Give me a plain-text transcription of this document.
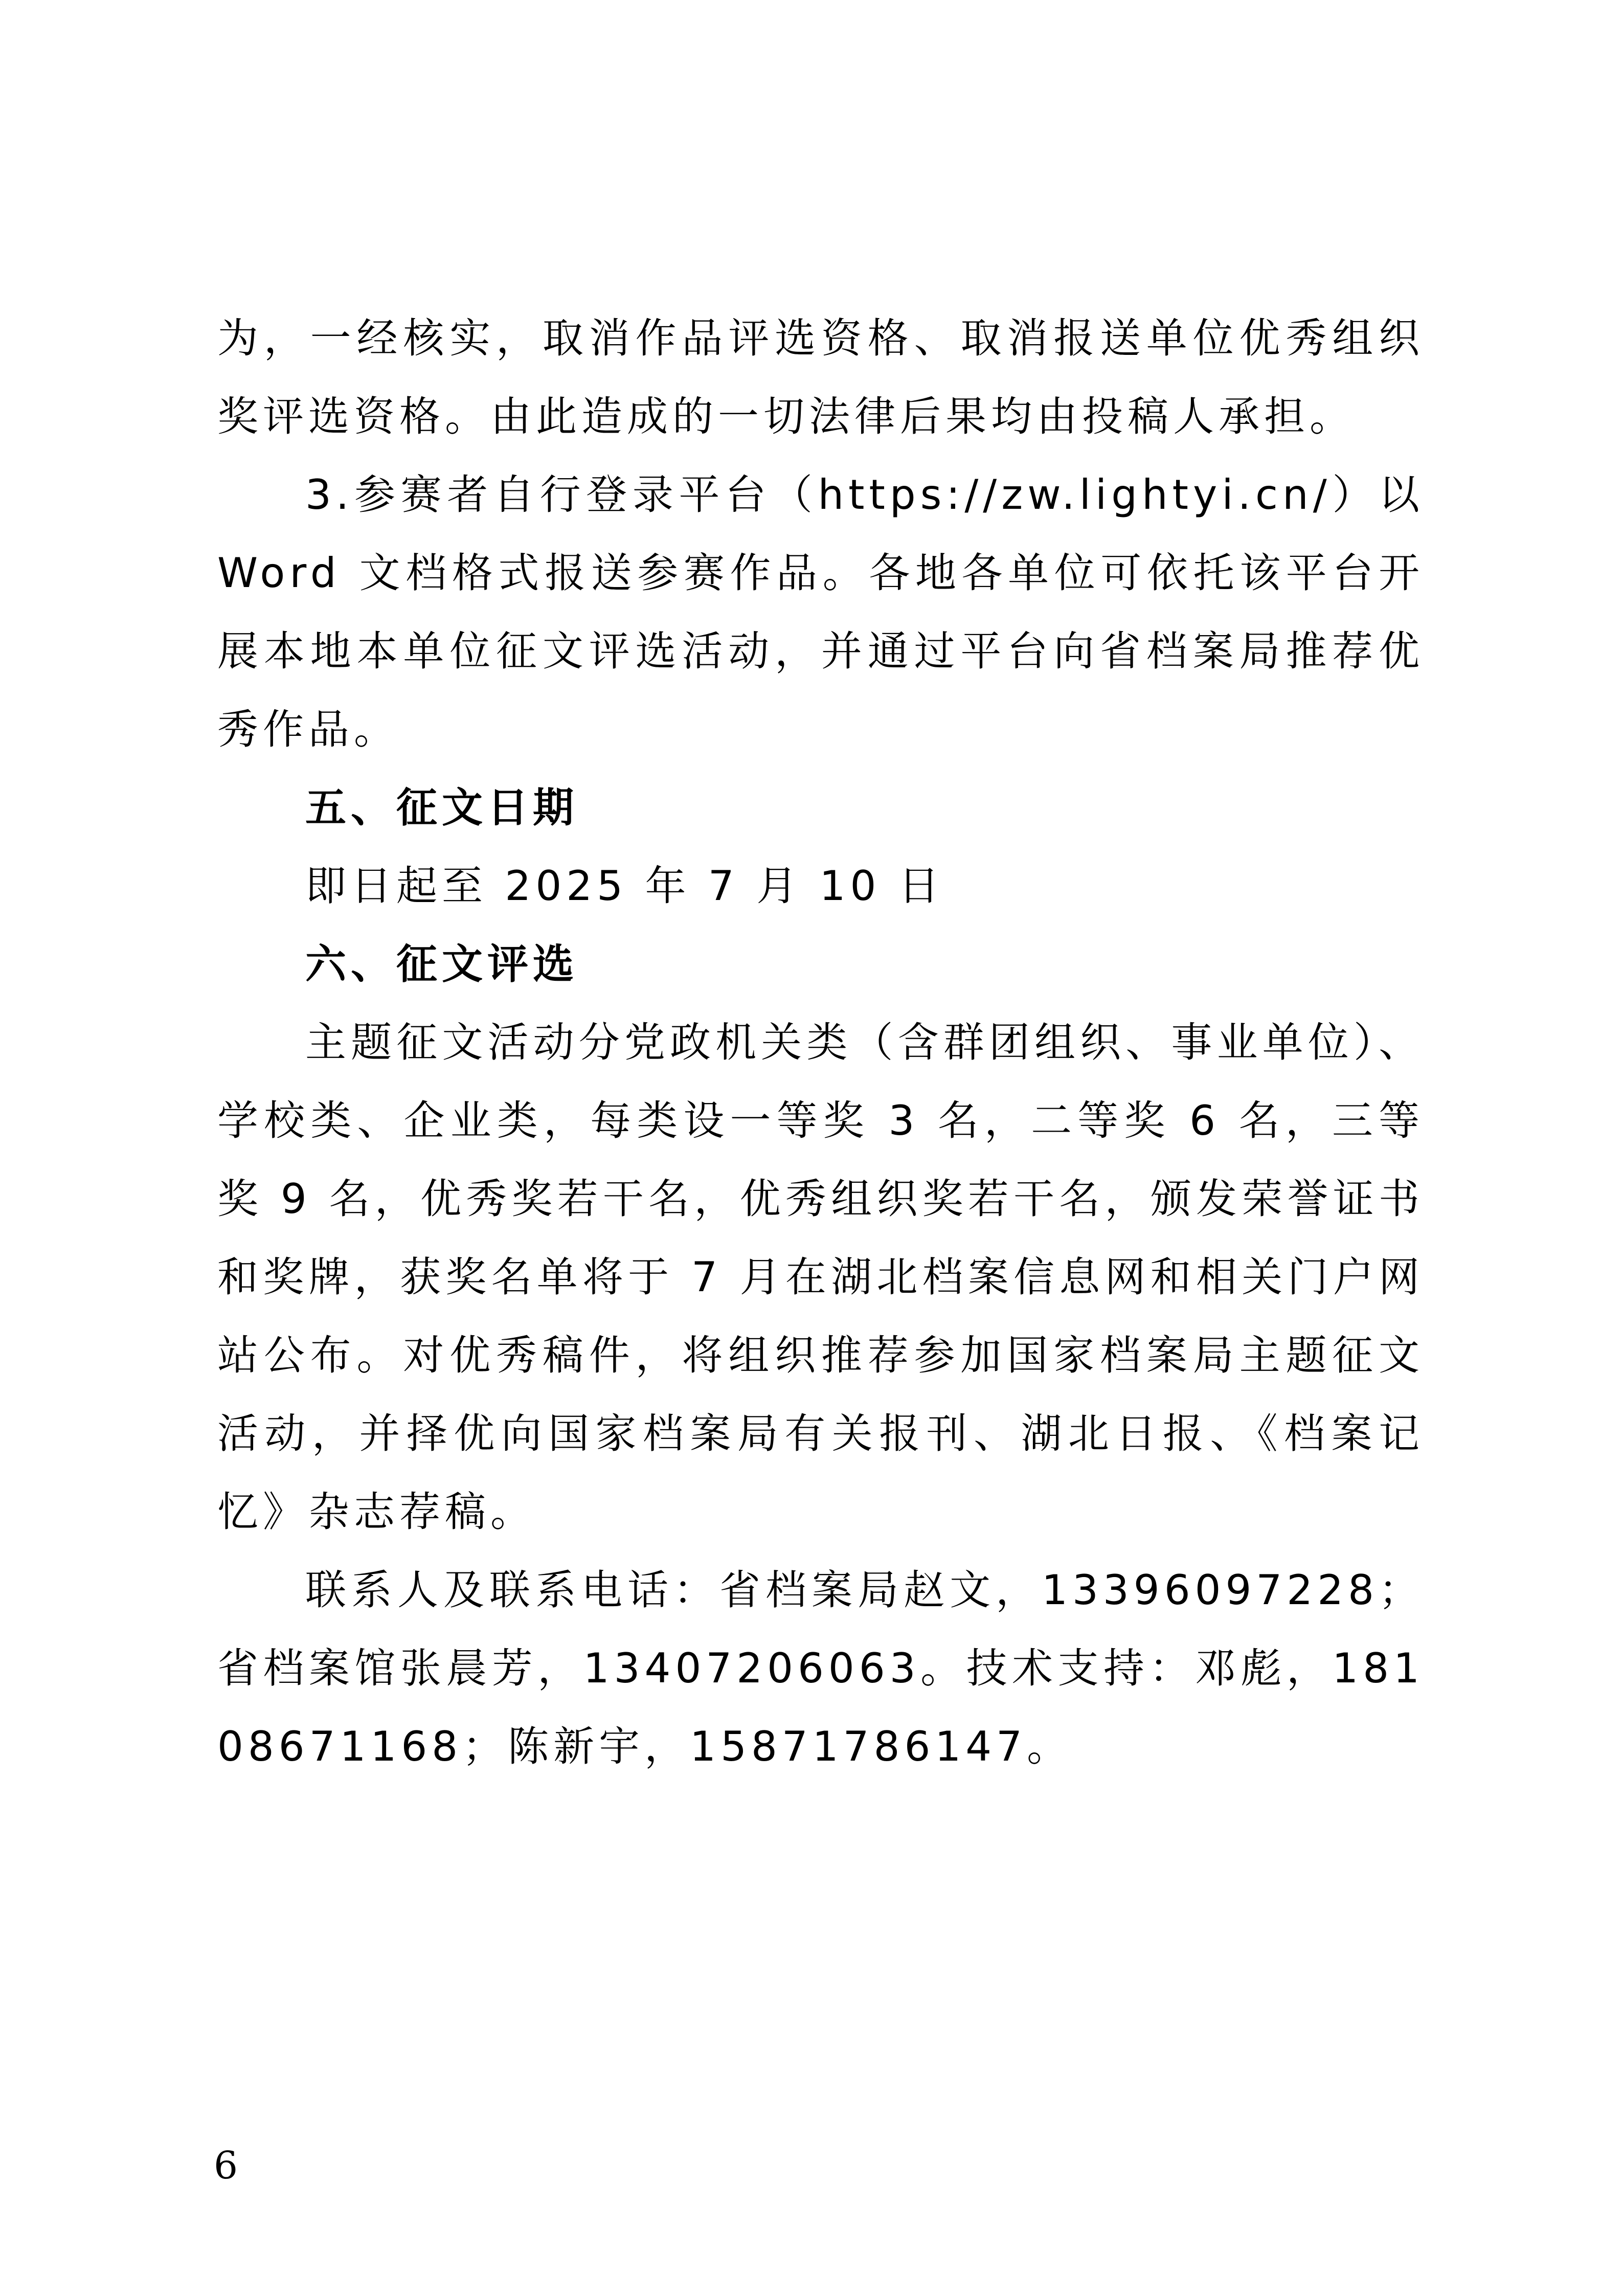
为，一经核实，取消作品评选资格、取消报送单位优秀组织奖评选资格。由此造成的一切法律后果均由投稿人承担。

3.参赛者自行登录平台（https://zw.lightyi.cn/）以Word 文档格式报送参赛作品。各地各单位可依托该平台开展本地本单位征文评选活动，并通过平台向省档案局推荐优秀作品。

五、征文日期

即日起至 2025 年 7 月 10 日

六、征文评选

主题征文活动分党政机关类（含群团组织、事业单位）、学校类、企业类，每类设一等奖 3 名，二等奖 6 名，三等奖 9 名，优秀奖若干名，优秀组织奖若干名，颁发荣誉证书和奖牌，获奖名单将于 7 月在湖北档案信息网和相关门户网站公布。对优秀稿件，将组织推荐参加国家档案局主题征文活动，并择优向国家档案局有关报刊、湖北日报、《档案记忆》杂志荐稿。

联系人及联系电话：省档案局赵文，13396097228；省档案馆张晨芳，13407206063。技术支持：邓彪，18108671168；陈新宇，15871786147。

6
